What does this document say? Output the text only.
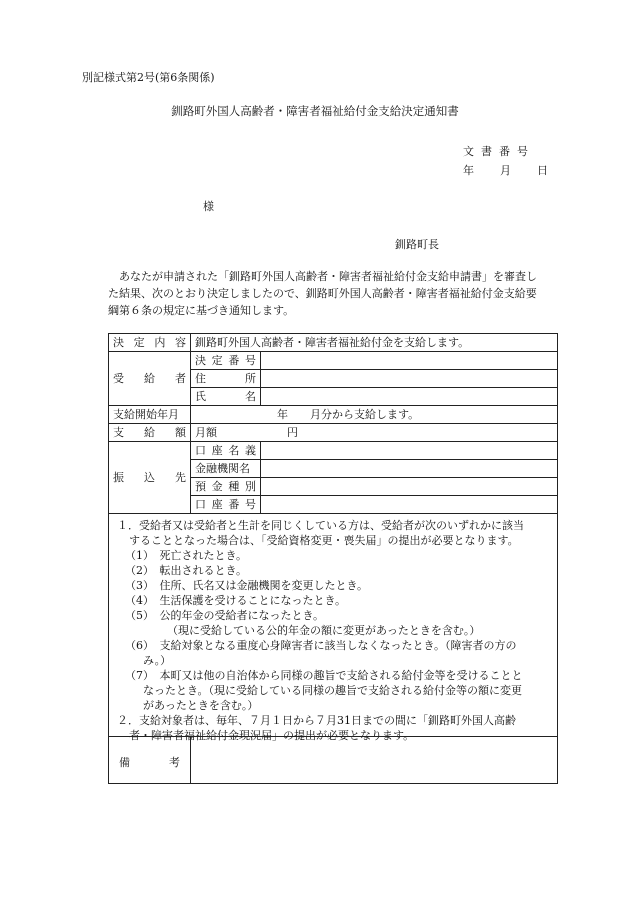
別記様式第2号(第6条関係)
釧路町外国人高齢者・障害者福祉給付金支給決定通知書
文書番号
年 月 日
様
釧路町長

あなたが申請された「釧路町外国人高齢者・障害者福祉給付金支給申請書」を審査し

た結果、次のとおり決定しましたので、釧路町外国人高齢者・障害者福祉給付金支給要

綱第６条の規定に基づき通知します。

決定内容	釧路町外国人高齢者・障害者福祉給付金を支給します。	
受給者	決定番号	
	住所	
	氏名	
支給開始年月	年　　月分から支給します。	
支給額	月額 円	
振込先	口座名義	
	金融機関名	
	預金種別	
	口座番号	
１．受給者又は受給者と生計を同じくしている方は、受給者が次のいずれかに該当
することとなった場合は、「受給資格変更・喪失届」の提出が必要となります。
（1）　死亡されたとき。
（2）　転出されるとき。
（3）　住所、氏名又は金融機関を変更したとき。
（4）　生活保護を受けることになったとき。
（5）　公的年金の受給者になったとき。
（現に受給している公的年金の額に変更があったときを含む。）
（6）　支給対象となる重度心身障害者に該当しなくなったとき。（障害者の方の
み。）
（7）　本町又は他の自治体から同様の趣旨で支給される給付金等を受けることと
なったとき。（現に受給している同様の趣旨で支給される給付金等の額に変更
があったときを含む。）
２．支給対象者は、毎年、７月１日から７月31日までの間に「釧路町外国人高齢
者・障害者福祉給付金現況届」の提出が必要となります。
備考
